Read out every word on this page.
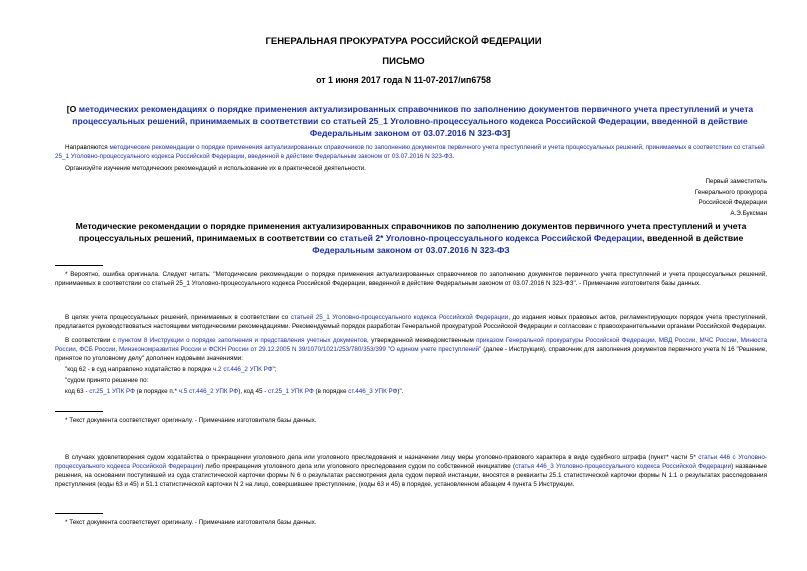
ГЕНЕРАЛЬНАЯ ПРОКУРАТУРА РОССИЙСКОЙ ФЕДЕРАЦИИ
ПИСЬМО
от 1 июня 2017 года N 11-07-2017/ип6758
[О методических рекомендациях о порядке применения актуализированных справочников по заполнению документов первичного учета преступлений и учета процессуальных решений, принимаемых в соответствии со статьей 25_1 Уголовно-процессуального кодекса Российской Федерации, введенной в действие Федеральным законом от 03.07.2016 N 323-ФЗ]

Направляются методические рекомендации о порядке применения актуализированных справочников по заполнению документов первичного учета преступлений и учета процессуальных решений, принимаемых в соответствии со статьей 25_1 Уголовно-процессуального кодекса Российской Федерации, введенной в действие Федеральным законом от 03.07.2016 N 323-ФЗ.

Организуйте изучение методических рекомендаций и использование их в практической деятельности.

Первый заместитель

Генерального прокурора

Российской Федерации

А.Э.Буксман

Методические рекомендации о порядке применения актуализированных справочников по заполнению документов первичного учета преступлений и учета процессуальных решений, принимаемых в соответствии со статьей 2* Уголовно-процессуального кодекса Российской Федерации, введенной в действие Федеральным законом от 03.07.2016 N 323-ФЗ
* Вероятно, ошибка оригинала. Следует читать: "Методические рекомендации о порядке применения актуализированных справочников по заполнению документов первичного учета преступлений и учета процессуальных решений, принимаемых в соответствии со статьей 25_1 Уголовно-процессуального кодекса Российской Федерации, введенной в действие Федеральным законом от 03.07.2016 N 323-ФЗ". - Примечание изготовителя базы данных.

В целях учета процессуальных решений, принимаемых в соответствии со статьей 25_1 Уголовно-процессуального кодекса Российской Федерации, до издания новых правовых актов, регламентирующих порядок учета преступлений, предлагается руководствоваться настоящими методическими рекомендациями. Рекомендуемый порядок разработан Генеральной прокуратурой Российской Федерации и согласован с правоохранительными органами Российской Федерации.

В соответствии с пунктом 8 Инструкции о порядке заполнения и представления учетных документов, утвержденной межведомственным приказом Генеральной прокуратуры Российской Федерации, МВД России, МЧС России, Минюста России, ФСБ России, Минэкономразвития России и ФСКН России от 29.12.2005 N 39/1070/1021/253/780/353/399 "О едином учете преступлений" (далее - Инструкция), справочник для заполнения документов первичного учета N 16 "Решение, принятое по уголовному делу" дополнен кодовыми значениями:

"код 62 - в суд направлено ходатайство в порядке ч.2 ст.446_2 УПК РФ";

"судом принято решение по:

код 63 - ст.25_1 УПК РФ (в порядке п.* ч.5 ст.446_2 УПК РФ), код 45 - ст.25_1 УПК РФ (в порядке ст.446_3 УПК РФ)".

* Текст документа соответствует оригиналу. - Примечание изготовителя базы данных.
В случаях удовлетворения судом ходатайства о прекращении уголовного дела или уголовного преследования и назначении лицу меры уголовно-правового характера в виде судебного штрафа (пункт* части 5* статьи 446 с Уголовно-процессуального кодекса Российской Федерации) либо прекращения уголовного дела или уголовного преследования судом по собственной инициативе (статья 446_3 Уголовно-процессуального кодекса Российской Федерации) названные решения, на основании поступившей из суда статистической карточки формы N 6 о результатах рассмотрения дела судом первой инстанции, вносятся в реквизиты 25.1 статистической карточки формы N 1.1 о результатах расследования преступления (коды 63 и 45) и 51.1 статистической карточки N 2 на лицо, совершившее преступление, (коды 63 и 45) в порядке, установленном абзацем 4 пункта 5 Инструкции.
* Текст документа соответствует оригиналу. - Примечание изготовителя базы данных.
